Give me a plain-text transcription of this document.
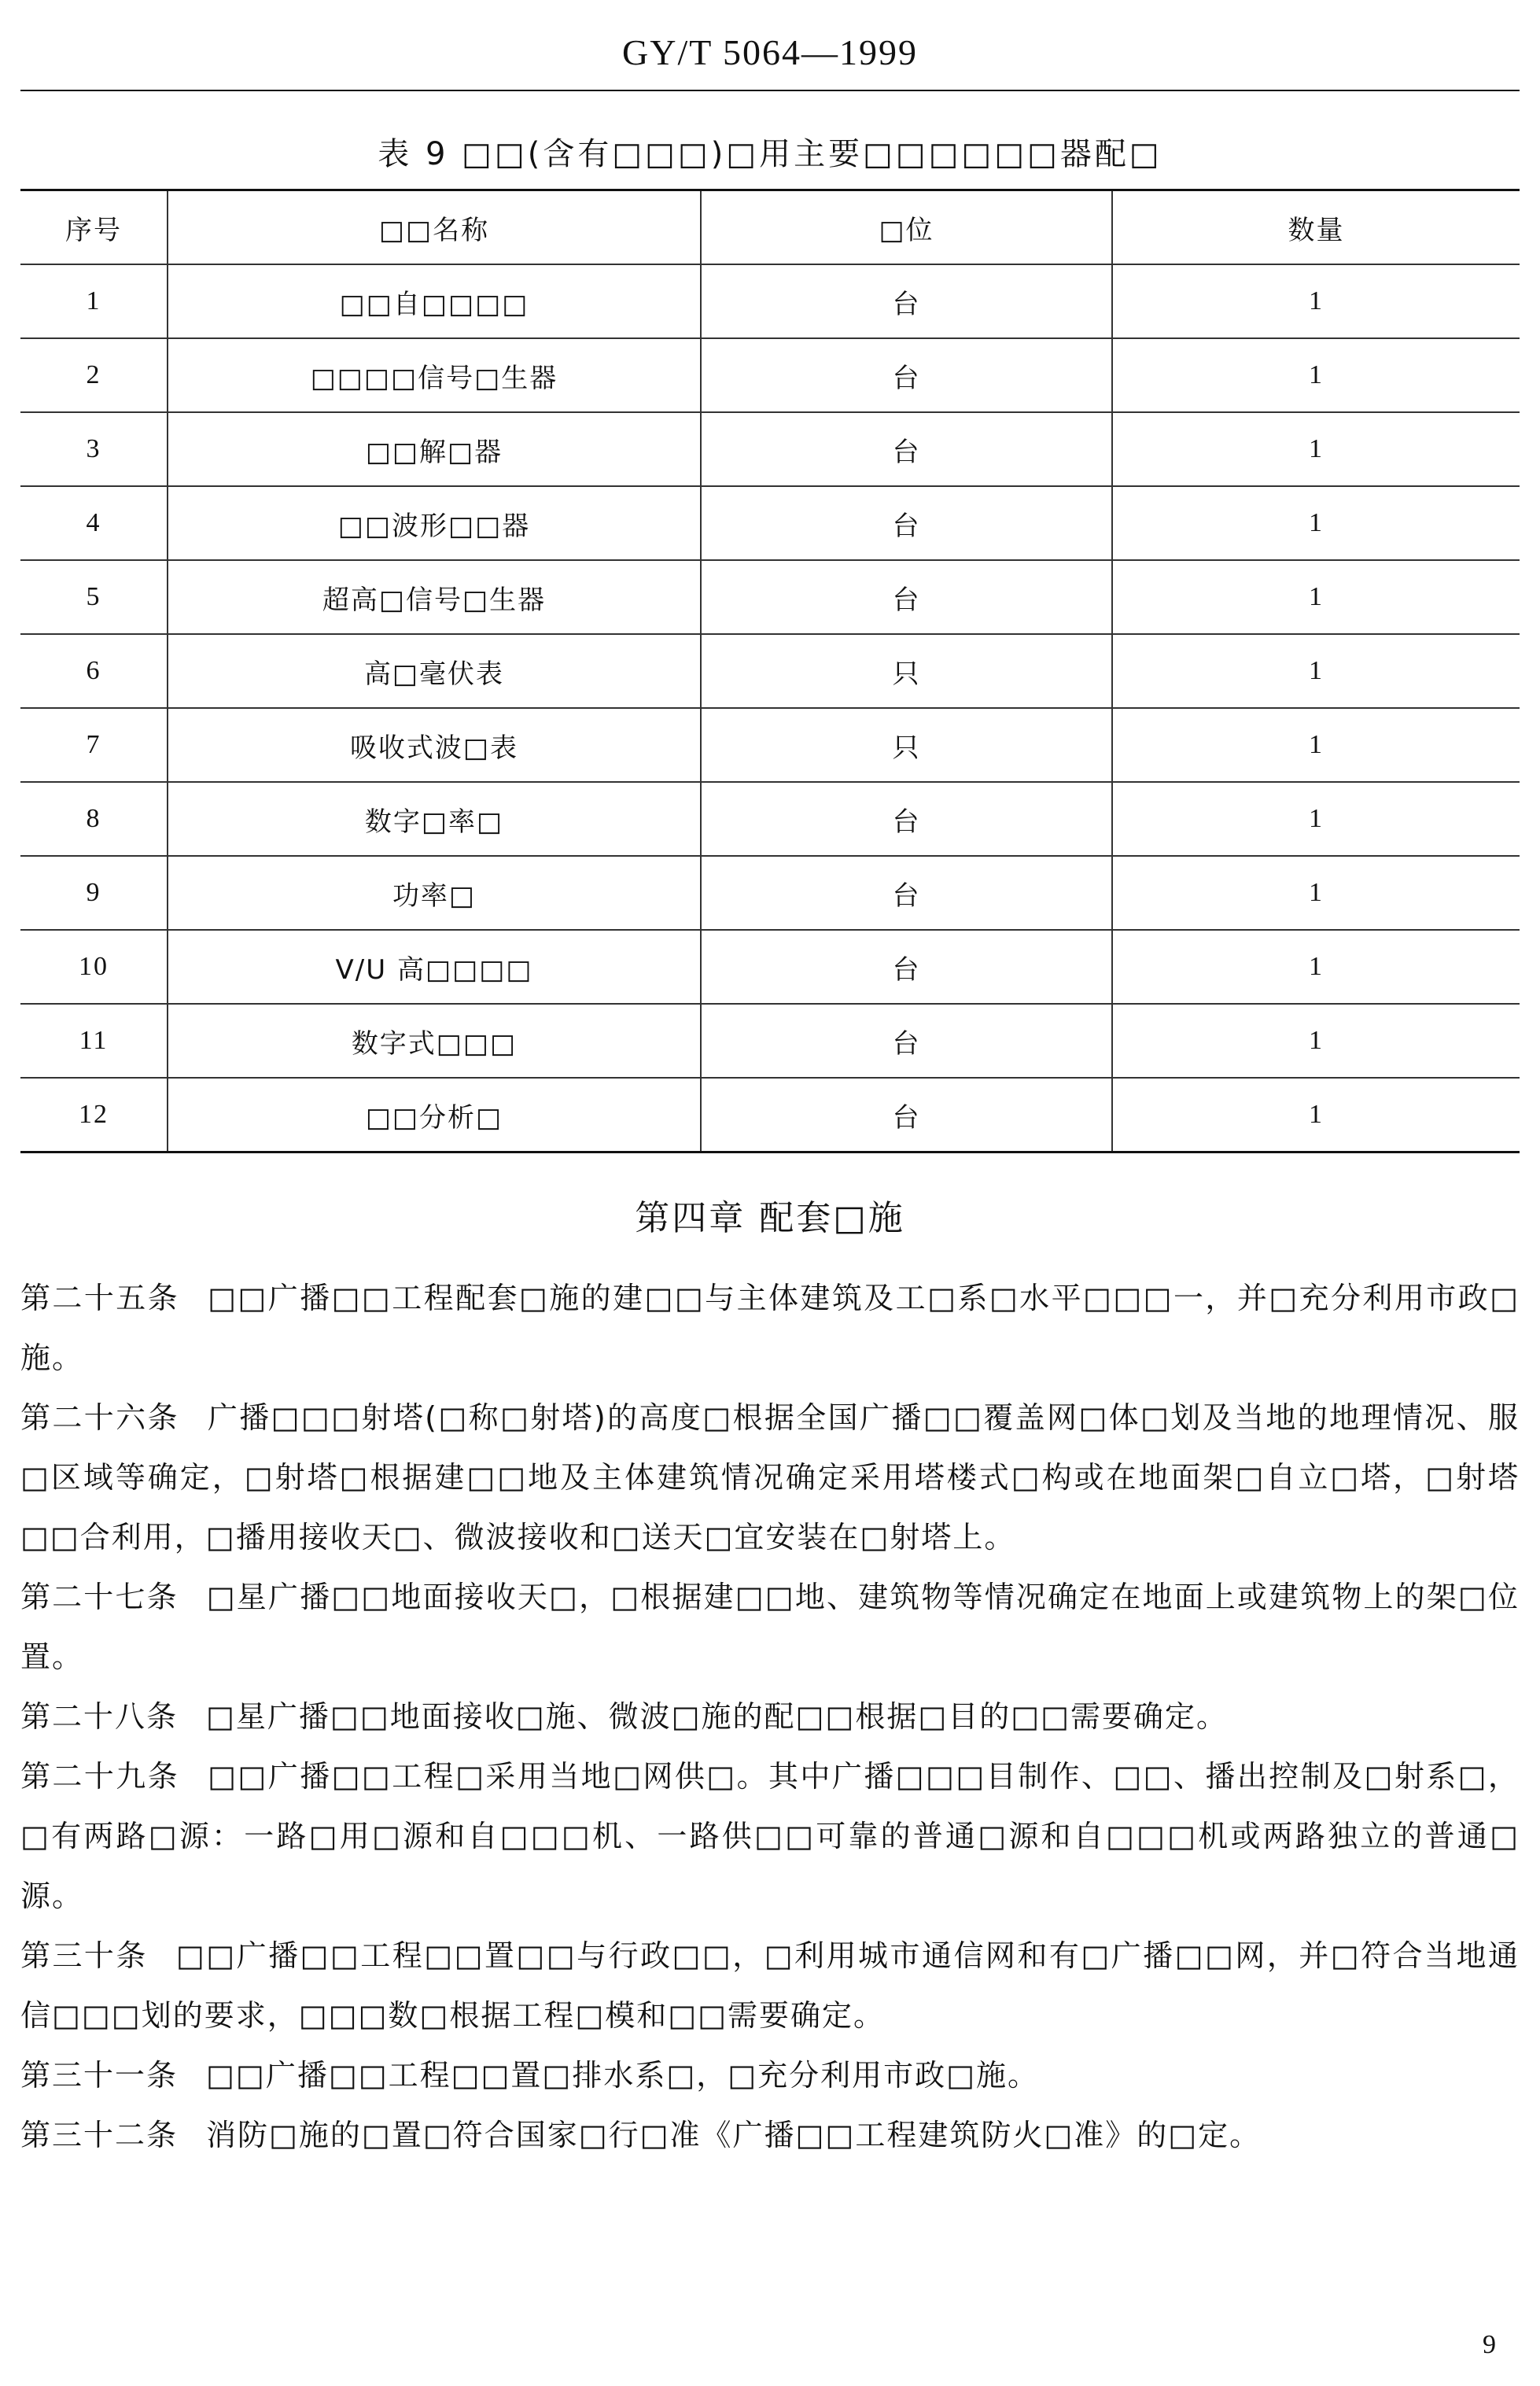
GY/T 5064—1999
表 9 □□(含有□□□)□用主要□□□□□□器配□
序号	□□名称	□位	数量
1	□□自□□□□	台	1
2	□□□□信号□生器	台	1
3	□□解□器	台	1
4	□□波形□□器	台	1
5	超高□信号□生器	台	1
6	高□毫伏表	只	1
7	吸收式波□表	只	1
8	数字□率□	台	1
9	功率□	台	1
10	V/U 高□□□□	台	1
11	数字式□□□	台	1
12	□□分析□	台	1
第四章 配套□施

第二十五条 □□广播□□工程配套□施的建□□与主体建筑及工□系□水平□□□一，并□充分利用市政□施。

第二十六条 广播□□□射塔(□称□射塔)的高度□根据全国广播□□覆盖网□体□划及当地的地理情况、服□区域等确定，□射塔□根据建□□地及主体建筑情况确定采用塔楼式□构或在地面架□自立□塔，□射塔□□合利用，□播用接收天□、微波接收和□送天□宜安装在□射塔上。

第二十七条 □星广播□□地面接收天□，□根据建□□地、建筑物等情况确定在地面上或建筑物上的架□位置。

第二十八条 □星广播□□地面接收□施、微波□施的配□□根据□目的□□需要确定。

第二十九条 □□广播□□工程□采用当地□网供□。其中广播□□□目制作、□□、播出控制及□射系□，□有两路□源：一路□用□源和自□□□机、一路供□□可靠的普通□源和自□□□机或两路独立的普通□源。

第三十条 □□广播□□工程□□置□□与行政□□，□利用城市通信网和有□广播□□网，并□符合当地通信□□□划的要求，□□□数□根据工程□模和□□需要确定。

第三十一条 □□广播□□工程□□置□排水系□，□充分利用市政□施。

第三十二条 消防□施的□置□符合国家□行□准《广播□□工程建筑防火□准》的□定。

9
